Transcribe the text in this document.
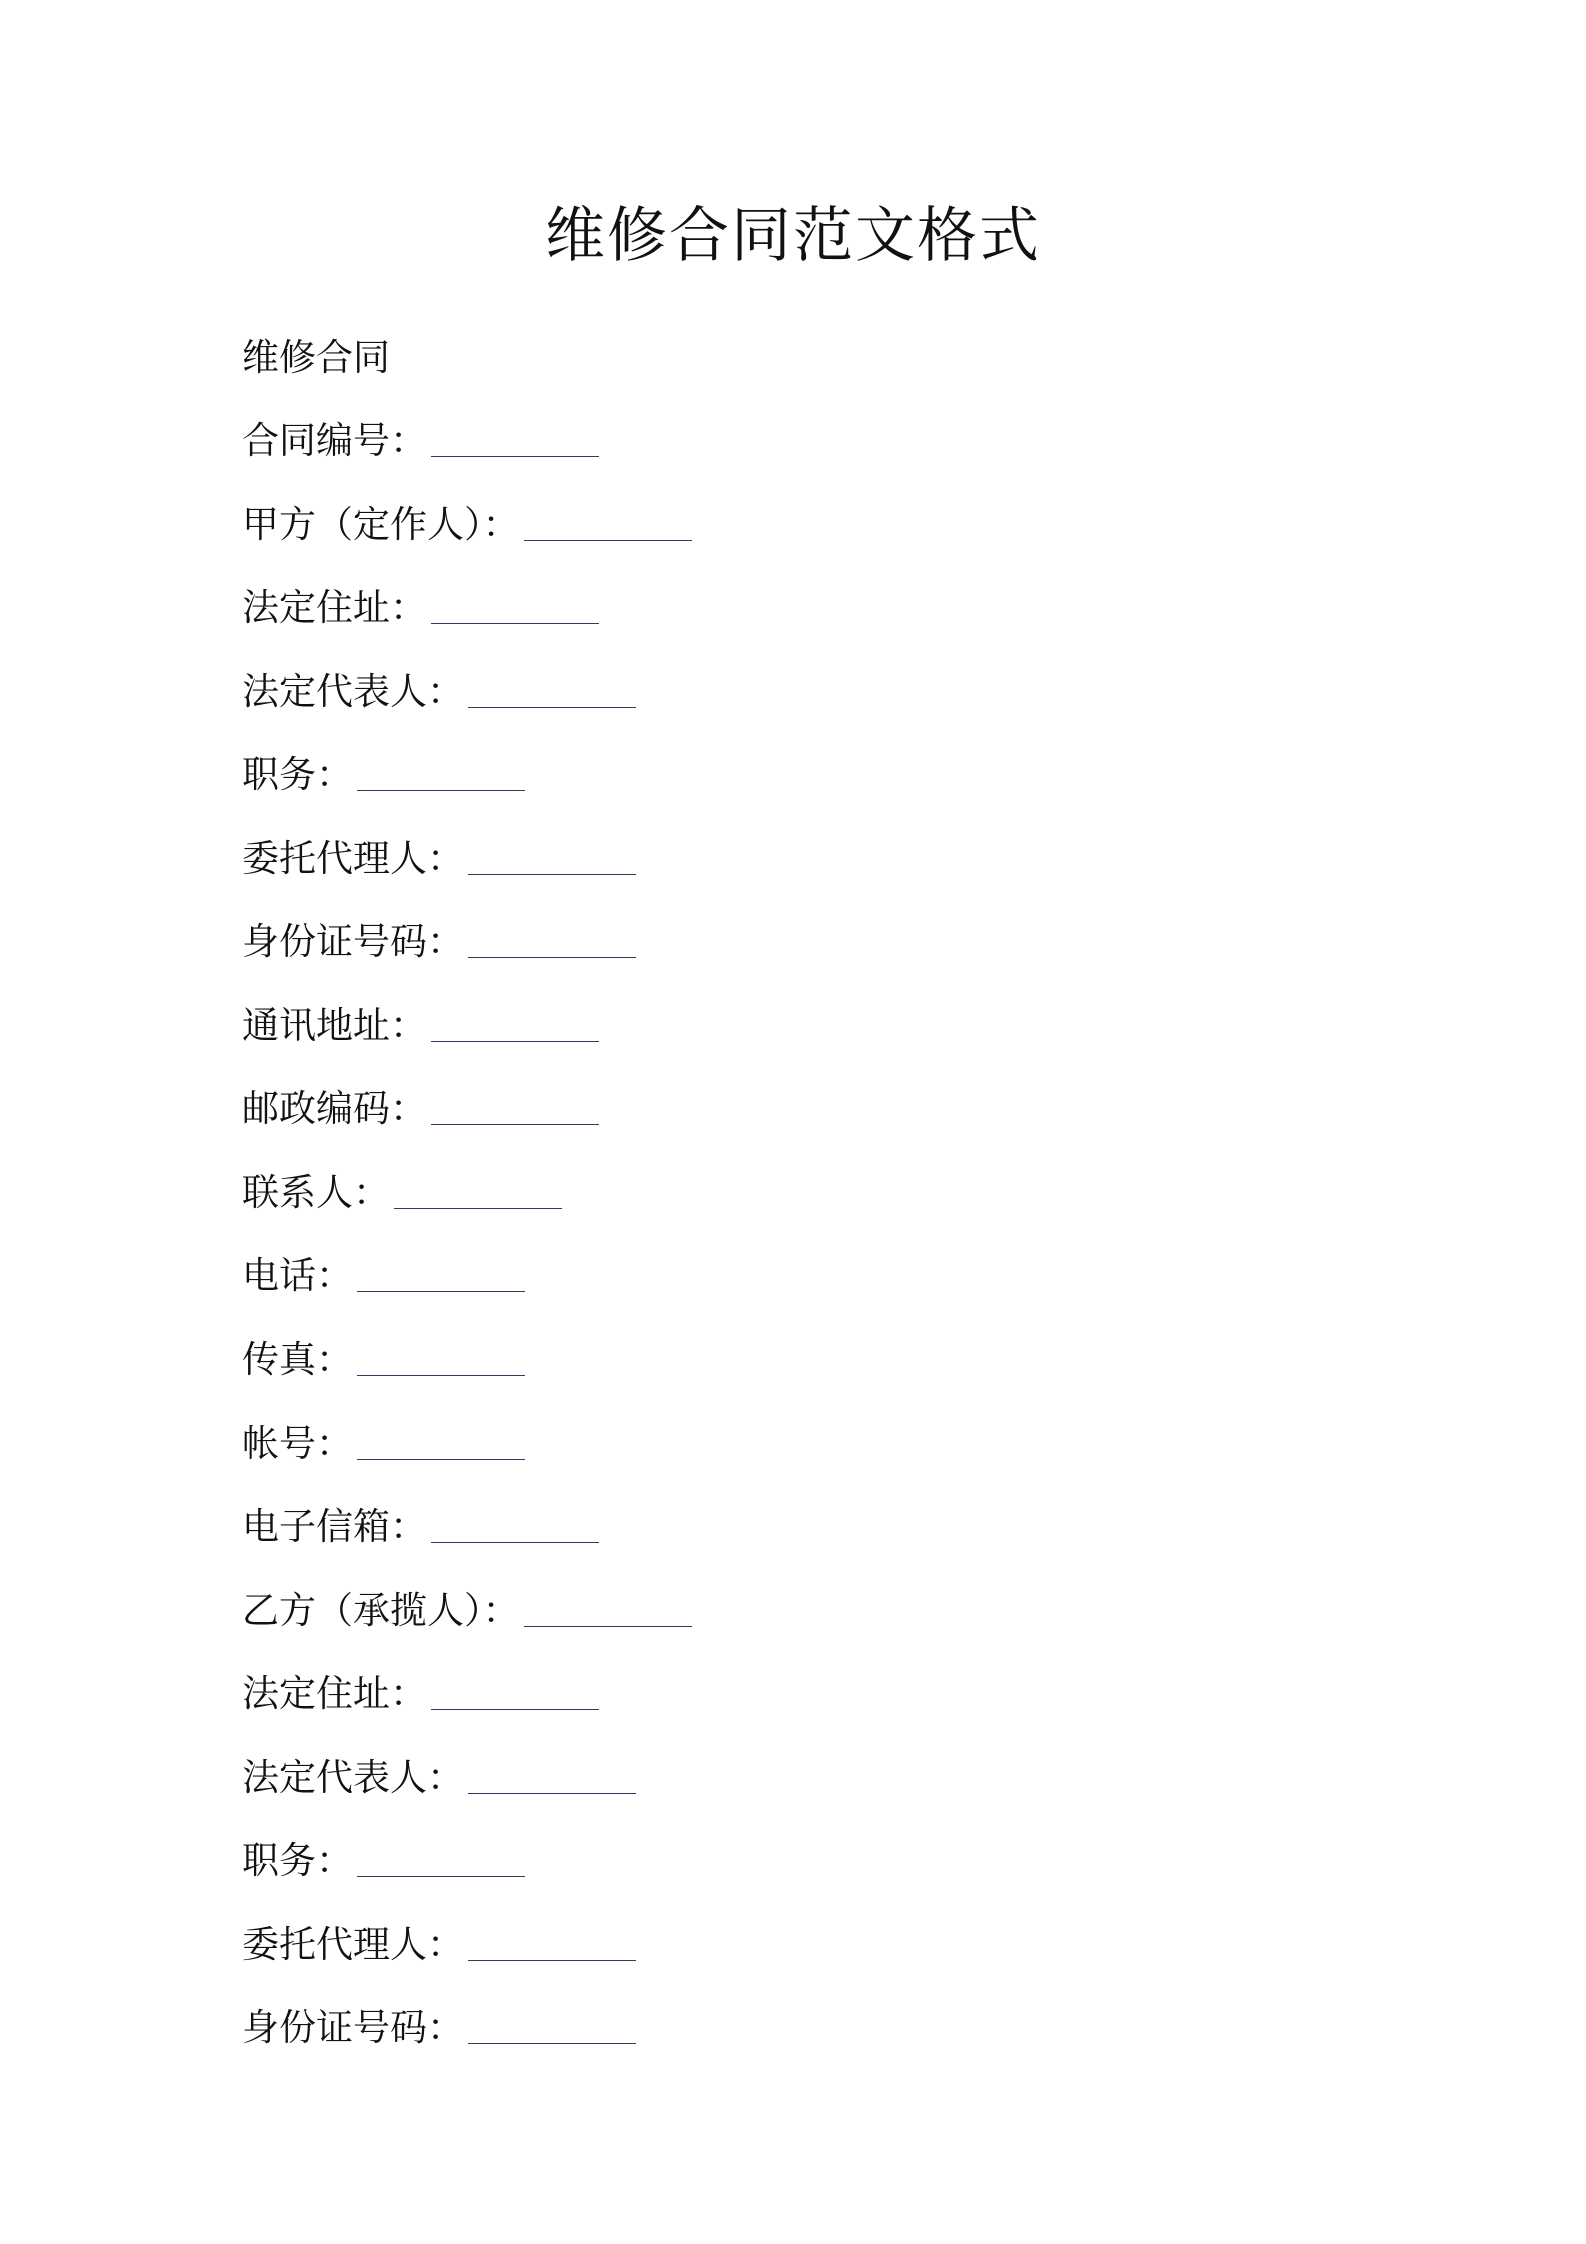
维修合同范文格式

维修合同

合同编号：
甲方（定作人）：
法定住址：
法定代表人：
职务：
委托代理人：
身份证号码：
通讯地址：
邮政编码：
联系人：
电话：
传真：
帐号：
电子信箱：
乙方（承揽人）：
法定住址：
法定代表人：
职务：
委托代理人：
身份证号码：
